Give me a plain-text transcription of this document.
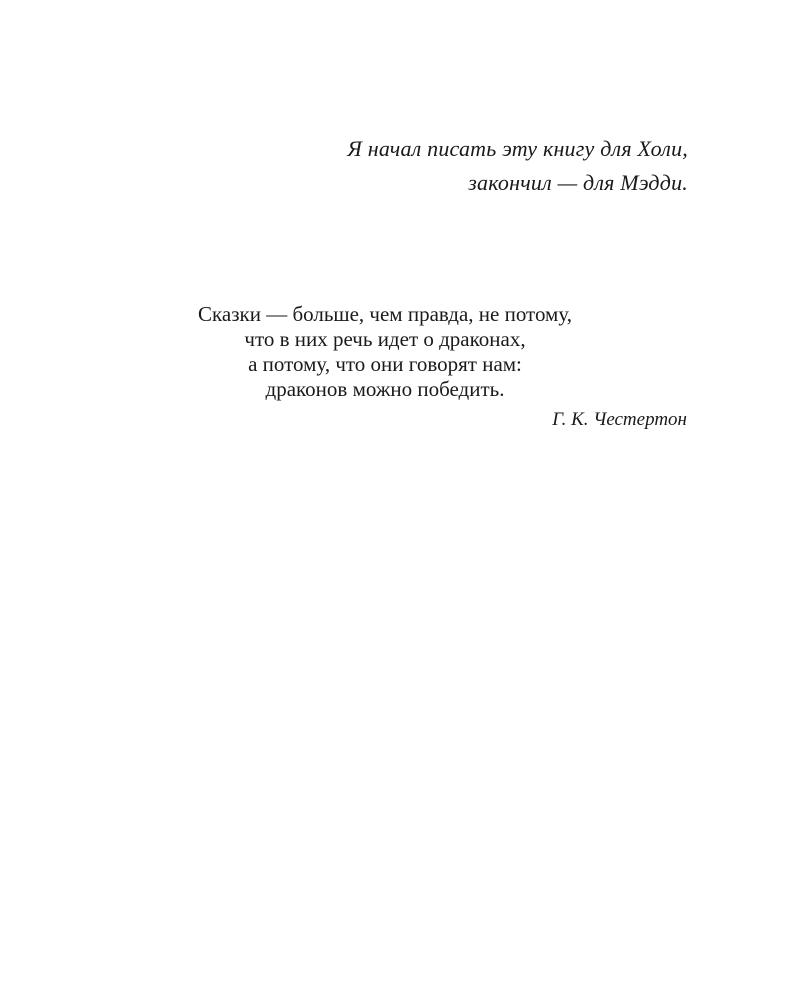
Я начал писать эту книгу для Холи,
закончил — для Мэдди.
Сказки — больше, чем правда, не потому,
что в них речь идет о драконах,
а потому, что они говорят нам:
драконов можно победить.
Г. К. Честертон
